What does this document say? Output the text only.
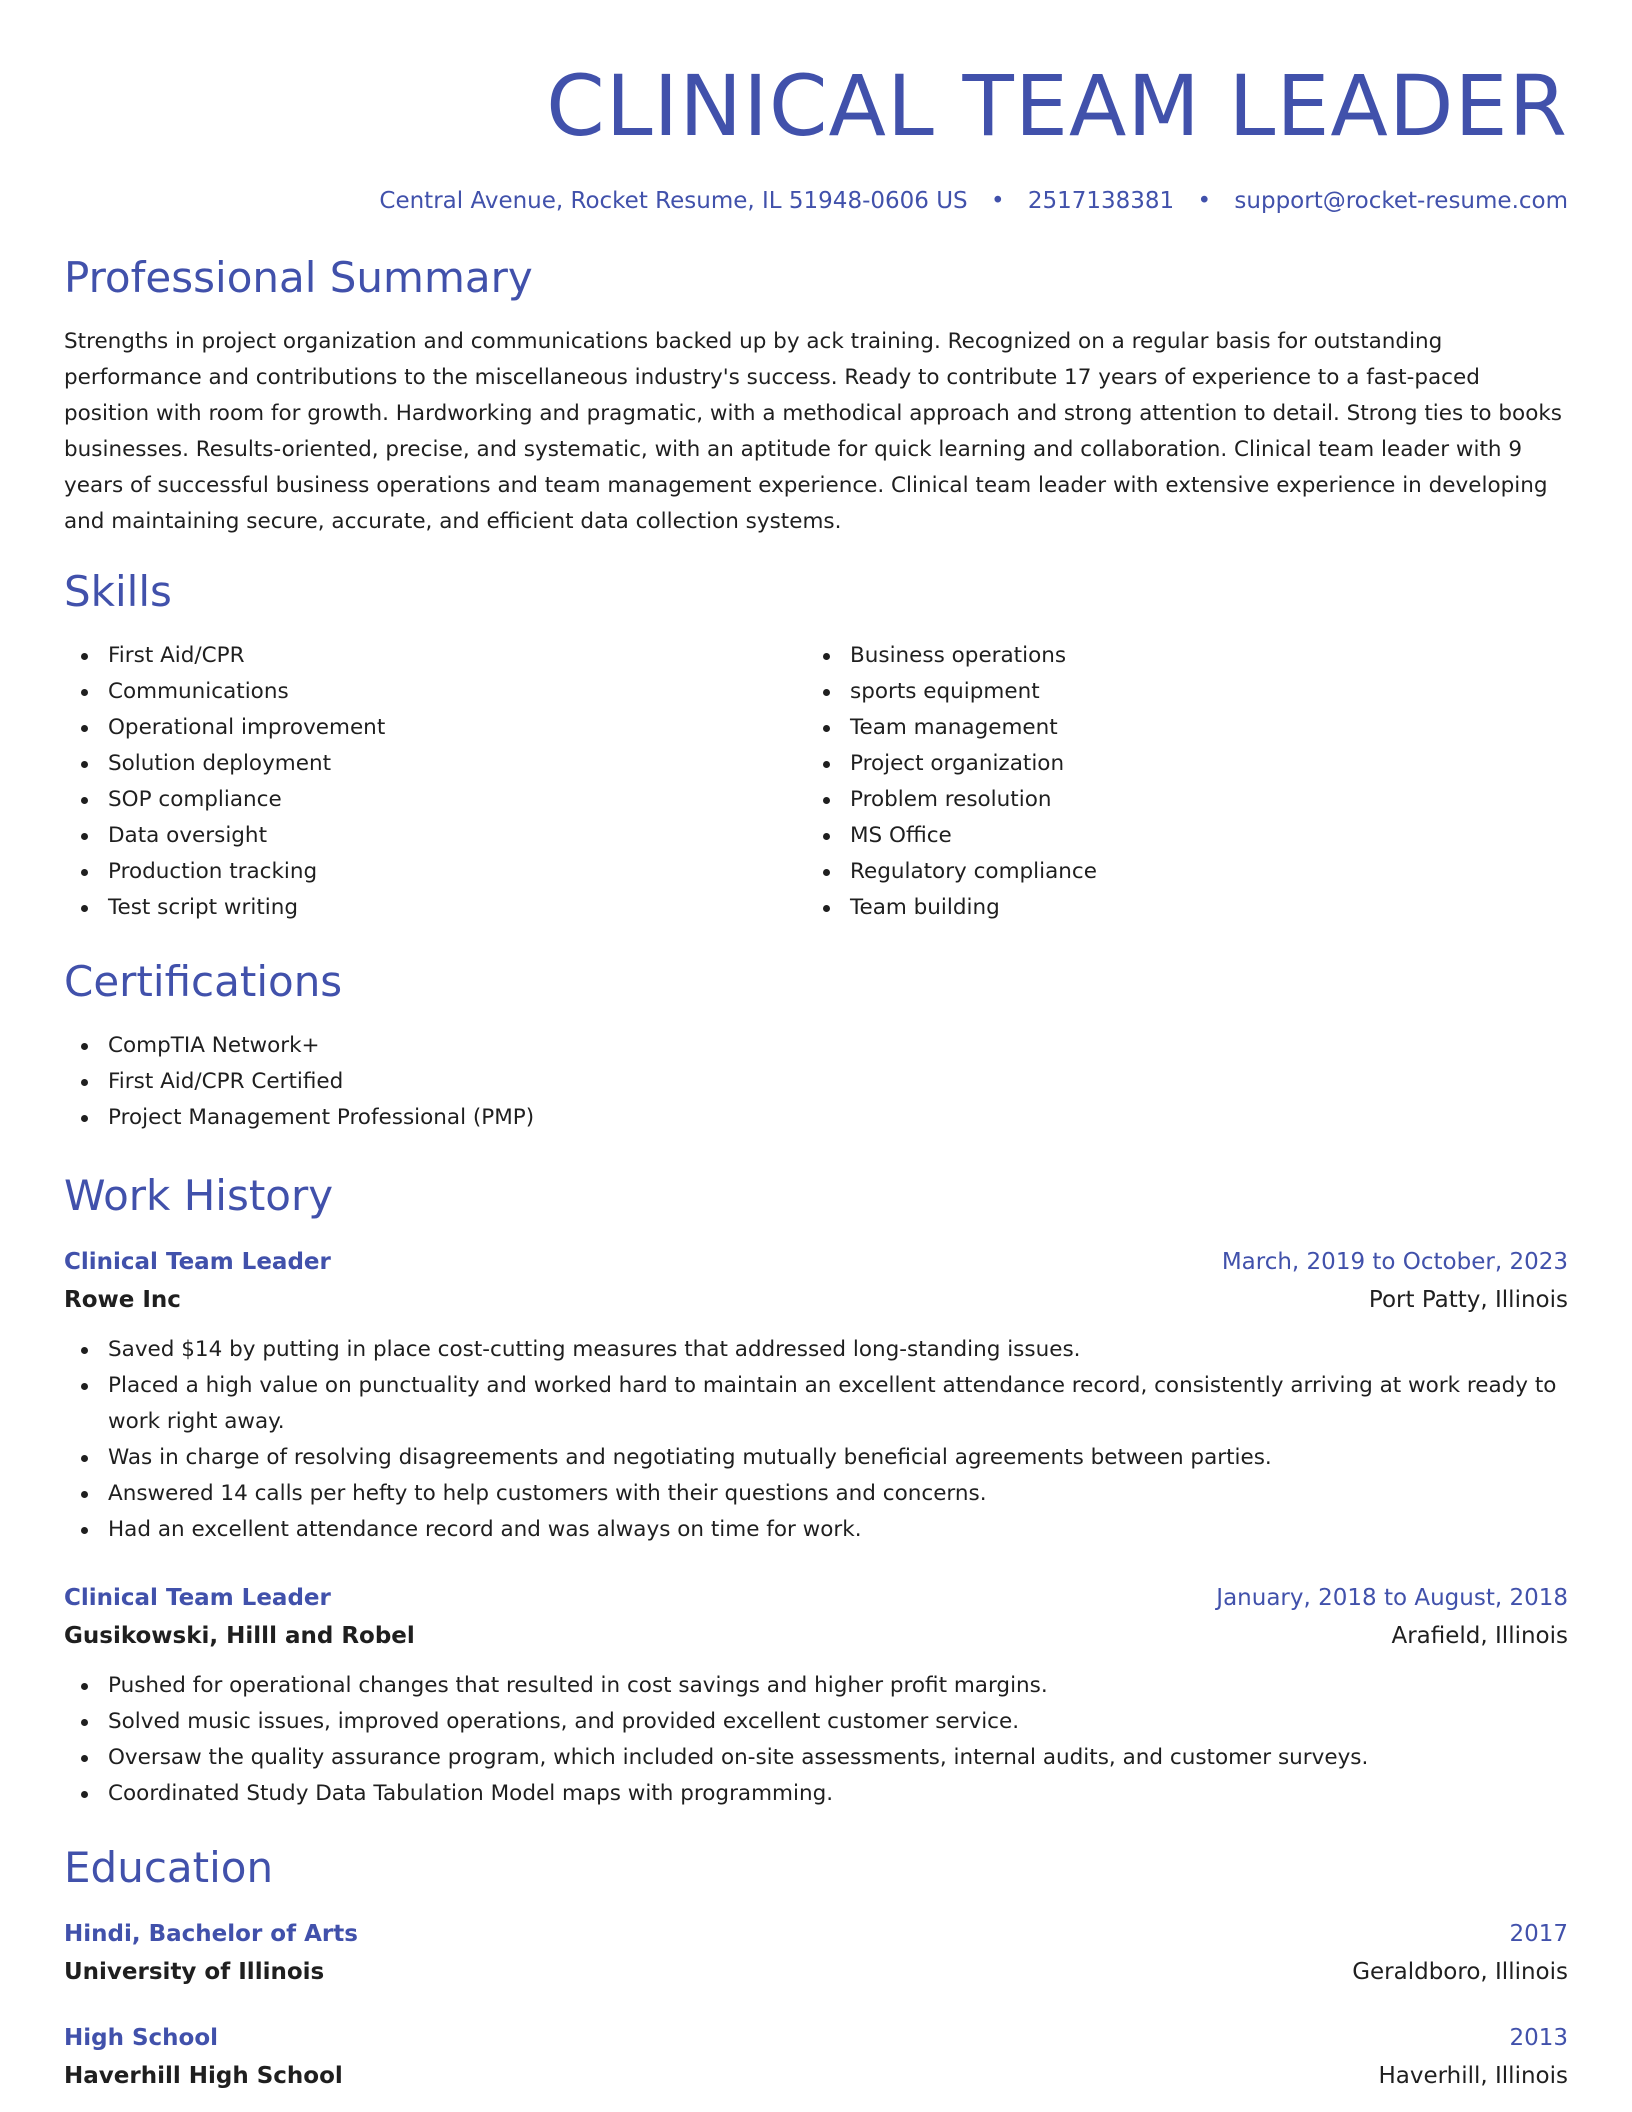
CLINICAL TEAM LEADER
Central Avenue, Rocket Resume, IL 51948-0606 US • 2517138381 • support@rocket-resume.com
Professional Summary
Strengths in project organization and communications backed up by ack training. Recognized on a regular basis for outstanding performance and contributions to the miscellaneous industry's success. Ready to contribute 17 years of experience to a fast-paced position with room for growth. Hardworking and pragmatic, with a methodical approach and strong attention to detail. Strong ties to books businesses. Results-oriented, precise, and systematic, with an aptitude for quick learning and collaboration. Clinical team leader with 9 years of successful business operations and team management experience. Clinical team leader with extensive experience in developing and maintaining secure, accurate, and efficient data collection systems.
Skills
First Aid/CPR
Communications
Operational improvement
Solution deployment
SOP compliance
Data oversight
Production tracking
Test script writing
Business operations
sports equipment
Team management
Project organization
Problem resolution
MS Office
Regulatory compliance
Team building
Certifications
CompTIA Network+
First Aid/CPR Certified
Project Management Professional (PMP)
Work History
Clinical Team Leader	March, 2019 to October, 2023
Rowe Inc	Port Patty, Illinois
Saved $14 by putting in place cost-cutting measures that addressed long-standing issues.
Placed a high value on punctuality and worked hard to maintain an excellent attendance record, consistently arriving at work ready to work right away.
Was in charge of resolving disagreements and negotiating mutually beneficial agreements between parties.
Answered 14 calls per hefty to help customers with their questions and concerns.
Had an excellent attendance record and was always on time for work.
Clinical Team Leader	January, 2018 to August, 2018
Gusikowski, Hilll and Robel	Arafield, Illinois
Pushed for operational changes that resulted in cost savings and higher profit margins.
Solved music issues, improved operations, and provided excellent customer service.
Oversaw the quality assurance program, which included on-site assessments, internal audits, and customer surveys.
Coordinated Study Data Tabulation Model maps with programming.
Education
Hindi, Bachelor of Arts	2017
University of Illinois	Geraldboro, Illinois
High School	2013
Haverhill High School	Haverhill, Illinois
